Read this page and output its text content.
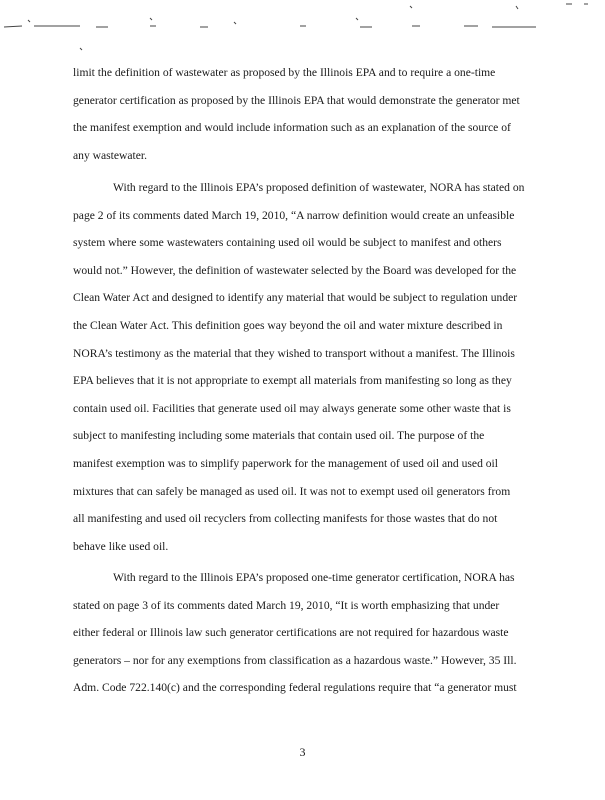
limit the definition of wastewater as proposed by the Illinois EPA and to require a one-time
generator certification as proposed by the Illinois EPA that would demonstrate the generator met
the manifest exemption and would include information such as an explanation of the source of
any wastewater.
With regard to the Illinois EPA’s proposed definition of wastewater, NORA has stated on
page 2 of its comments dated March 19, 2010, “A narrow definition would create an unfeasible
system where some wastewaters containing used oil would be subject to manifest and others
would not.” However, the definition of wastewater selected by the Board was developed for the
Clean Water Act and designed to identify any material that would be subject to regulation under
the Clean Water Act. This definition goes way beyond the oil and water mixture described in
NORA’s testimony as the material that they wished to transport without a manifest. The Illinois
EPA believes that it is not appropriate to exempt all materials from manifesting so long as they
contain used oil. Facilities that generate used oil may always generate some other waste that is
subject to manifesting including some materials that contain used oil. The purpose of the
manifest exemption was to simplify paperwork for the management of used oil and used oil
mixtures that can safely be managed as used oil. It was not to exempt used oil generators from
all manifesting and used oil recyclers from collecting manifests for those wastes that do not
behave like used oil.
With regard to the Illinois EPA’s proposed one-time generator certification, NORA has
stated on page 3 of its comments dated March 19, 2010, “It is worth emphasizing that under
either federal or Illinois law such generator certifications are not required for hazardous waste
generators – nor for any exemptions from classification as a hazardous waste.” However, 35 Ill.
Adm. Code 722.140(c) and the corresponding federal regulations require that “a generator must
3
